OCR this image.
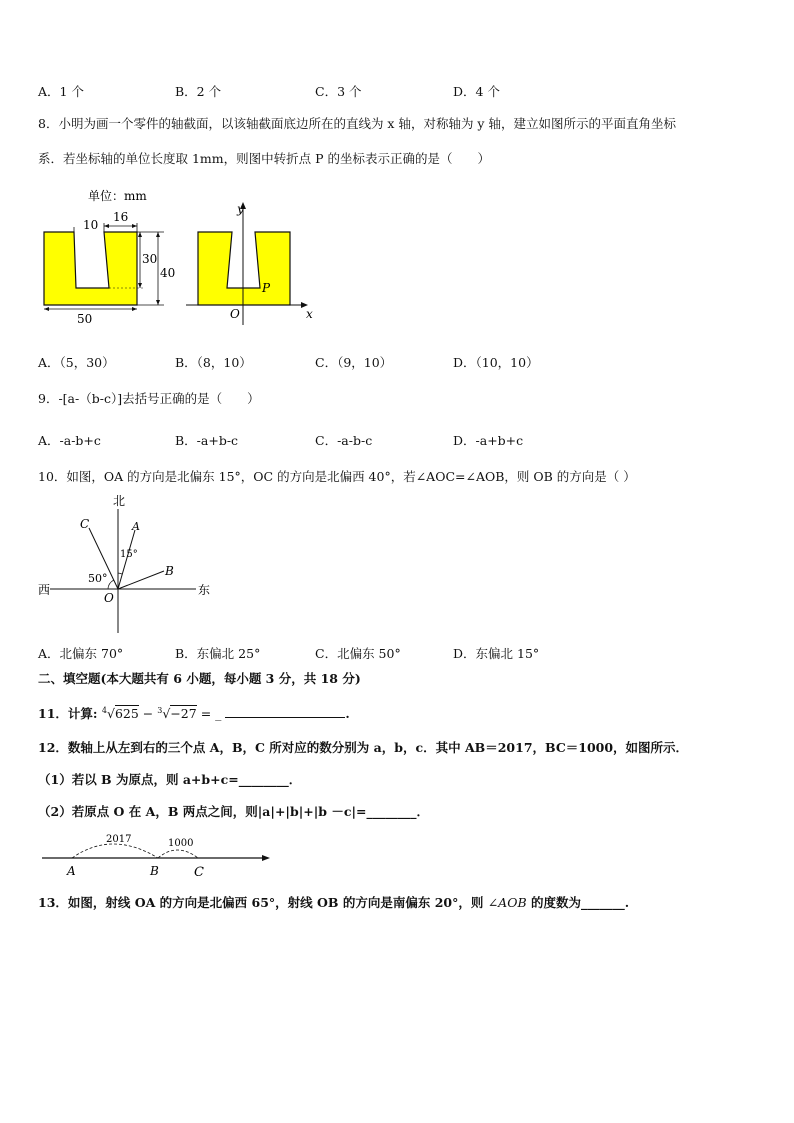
A．1 个	B．2 个	C．3 个	D．4 个
8．小明为画一个零件的轴截面，以该轴截面底边所在的直线为 x 轴，对称轴为 y 轴，建立如图所示的平面直角坐标
系．若坐标轴的单位长度取 1mm，则图中转折点 P 的坐标表示正确的是（　　）
单位：mm
10
16
30
40
50
y
x
O
P
A．（5，30）	B．（8，10）	C．（9，10）	D．（10，10）
9．-[a-（b-c）]去括号正确的是（　　）
A．-a-b+c	B．-a+b-c	C．-a-b-c	D．-a+b+c
10．如图，OA 的方向是北偏东 15°，OC 的方向是北偏西 40°，若∠AOC=∠AOB，则 OB 的方向是（ ）
北
西	东
O
A
C
B
15°
50°
A．北偏东 70°	B．东偏北 25°	C．北偏东 50°	D．东偏北 15°
二、填空题(本大题共有 6 小题，每小题 3 分，共 18 分)
11．计算: $^4$√625 − $^3$√−27 = _	.
12．数轴上从左到右的三个点 A，B，C 所对应的数分别为 a，b，c．其中 AB＝2017，BC＝1000，如图所示．
（1）若以 B 为原点，则 a+b+c=________．
（2）若原点 O 在 A，B 两点之间，则|a|+|b|+|b －c|=________．
2017	1000
A	B	C
13．如图，射线 OA 的方向是北偏西 65°，射线 OB 的方向是南偏东 20°，则 ∠AOB 的度数为_______.
